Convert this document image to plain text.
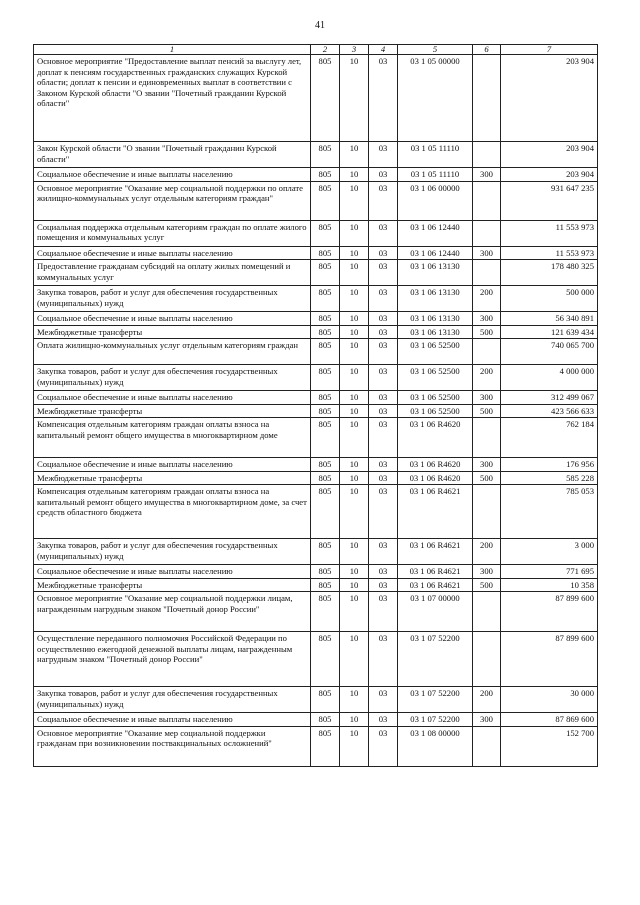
41
1	2	3	4	5	6	7
Основное мероприятие "Предоставление выплат пенсий за выслугу лет, доплат к пенсиям государственных гражданских служащих Курской области; доплат к пенсии и единовременных выплат в соответствии с Законом Курской области "О звании "Почетный гражданин Курской области"	805	10	03	03 1 05 00000		203 904
Закон Курской области "О звании "Почетный гражданин Курской области"	805	10	03	03 1 05 11110		203 904
Социальное обеспечение и иные выплаты населению	805	10	03	03 1 05 11110	300	203 904
Основное мероприятие "Оказание мер социальной поддержки по оплате жилищно-коммунальных услуг отдельным категориям граждан"	805	10	03	03 1 06 00000		931 647 235
Социальная поддержка отдельным категориям граждан по оплате жилого помещения и коммунальных услуг	805	10	03	03 1 06 12440		11 553 973
Социальное обеспечение и иные выплаты населению	805	10	03	03 1 06 12440	300	11 553 973
Предоставление гражданам субсидий на оплату жилых помещений и коммунальных услуг	805	10	03	03 1 06 13130		178 480 325
Закупка товаров, работ и услуг для обеспечения государственных (муниципальных) нужд	805	10	03	03 1 06 13130	200	500 000
Социальное обеспечение и иные выплаты населению	805	10	03	03 1 06 13130	300	56 340 891
Межбюджетные трансферты	805	10	03	03 1 06 13130	500	121 639 434
Оплата жилищно-коммунальных услуг отдельным категориям граждан	805	10	03	03 1 06 52500		740 065 700
Закупка товаров, работ и услуг для обеспечения государственных (муниципальных) нужд	805	10	03	03 1 06 52500	200	4 000 000
Социальное обеспечение и иные выплаты населению	805	10	03	03 1 06 52500	300	312 499 067
Межбюджетные трансферты	805	10	03	03 1 06 52500	500	423 566 633
Компенсация отдельным категориям граждан оплаты взноса на капитальный ремонт общего имущества в многоквартирном доме	805	10	03	03 1 06 R4620		762 184
Социальное обеспечение и иные выплаты населению	805	10	03	03 1 06 R4620	300	176 956
Межбюджетные трансферты	805	10	03	03 1 06 R4620	500	585 228
Компенсация отдельным категориям граждан оплаты взноса на капитальный ремонт общего имущества в многоквартирном доме, за счет средств областного бюджета	805	10	03	03 1 06 R4621		785 053
Закупка товаров, работ и услуг для обеспечения государственных (муниципальных) нужд	805	10	03	03 1 06 R4621	200	3 000
Социальное обеспечение и иные выплаты населению	805	10	03	03 1 06 R4621	300	771 695
Межбюджетные трансферты	805	10	03	03 1 06 R4621	500	10 358
Основное мероприятие "Оказание мер социальной поддержки лицам, награжденным нагрудным знаком "Почетный донор России"	805	10	03	03 1 07 00000		87 899 600
Осуществление переданного полномочия Российской Федерации по осуществлению ежегодной денежной выплаты лицам, награжденным нагрудным знаком "Почетный донор России"	805	10	03	03 1 07 52200		87 899 600
Закупка товаров, работ и услуг для обеспечения государственных (муниципальных) нужд	805	10	03	03 1 07 52200	200	30 000
Социальное обеспечение и иные выплаты населению	805	10	03	03 1 07 52200	300	87 869 600
Основное мероприятие "Оказание мер социальной поддержки гражданам при возникновении поствакцинальных осложнений"	805	10	03	03 1 08 00000		152 700
